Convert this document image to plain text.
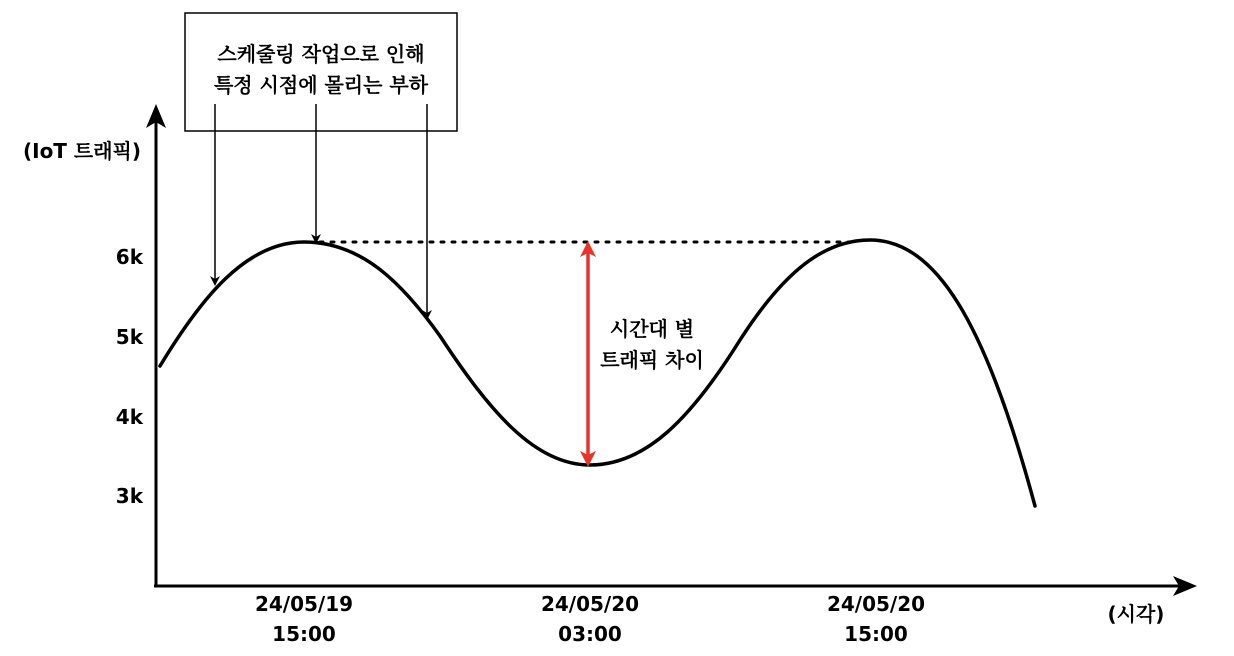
(IoT 트래픽)
6k
5k
4k
3k
24/05/19
15:00
24/05/20
03:00
24/05/20
15:00
(시각)
스케줄링 작업으로 인해
특정 시점에 몰리는 부하
시간대 별
트래픽 차이
